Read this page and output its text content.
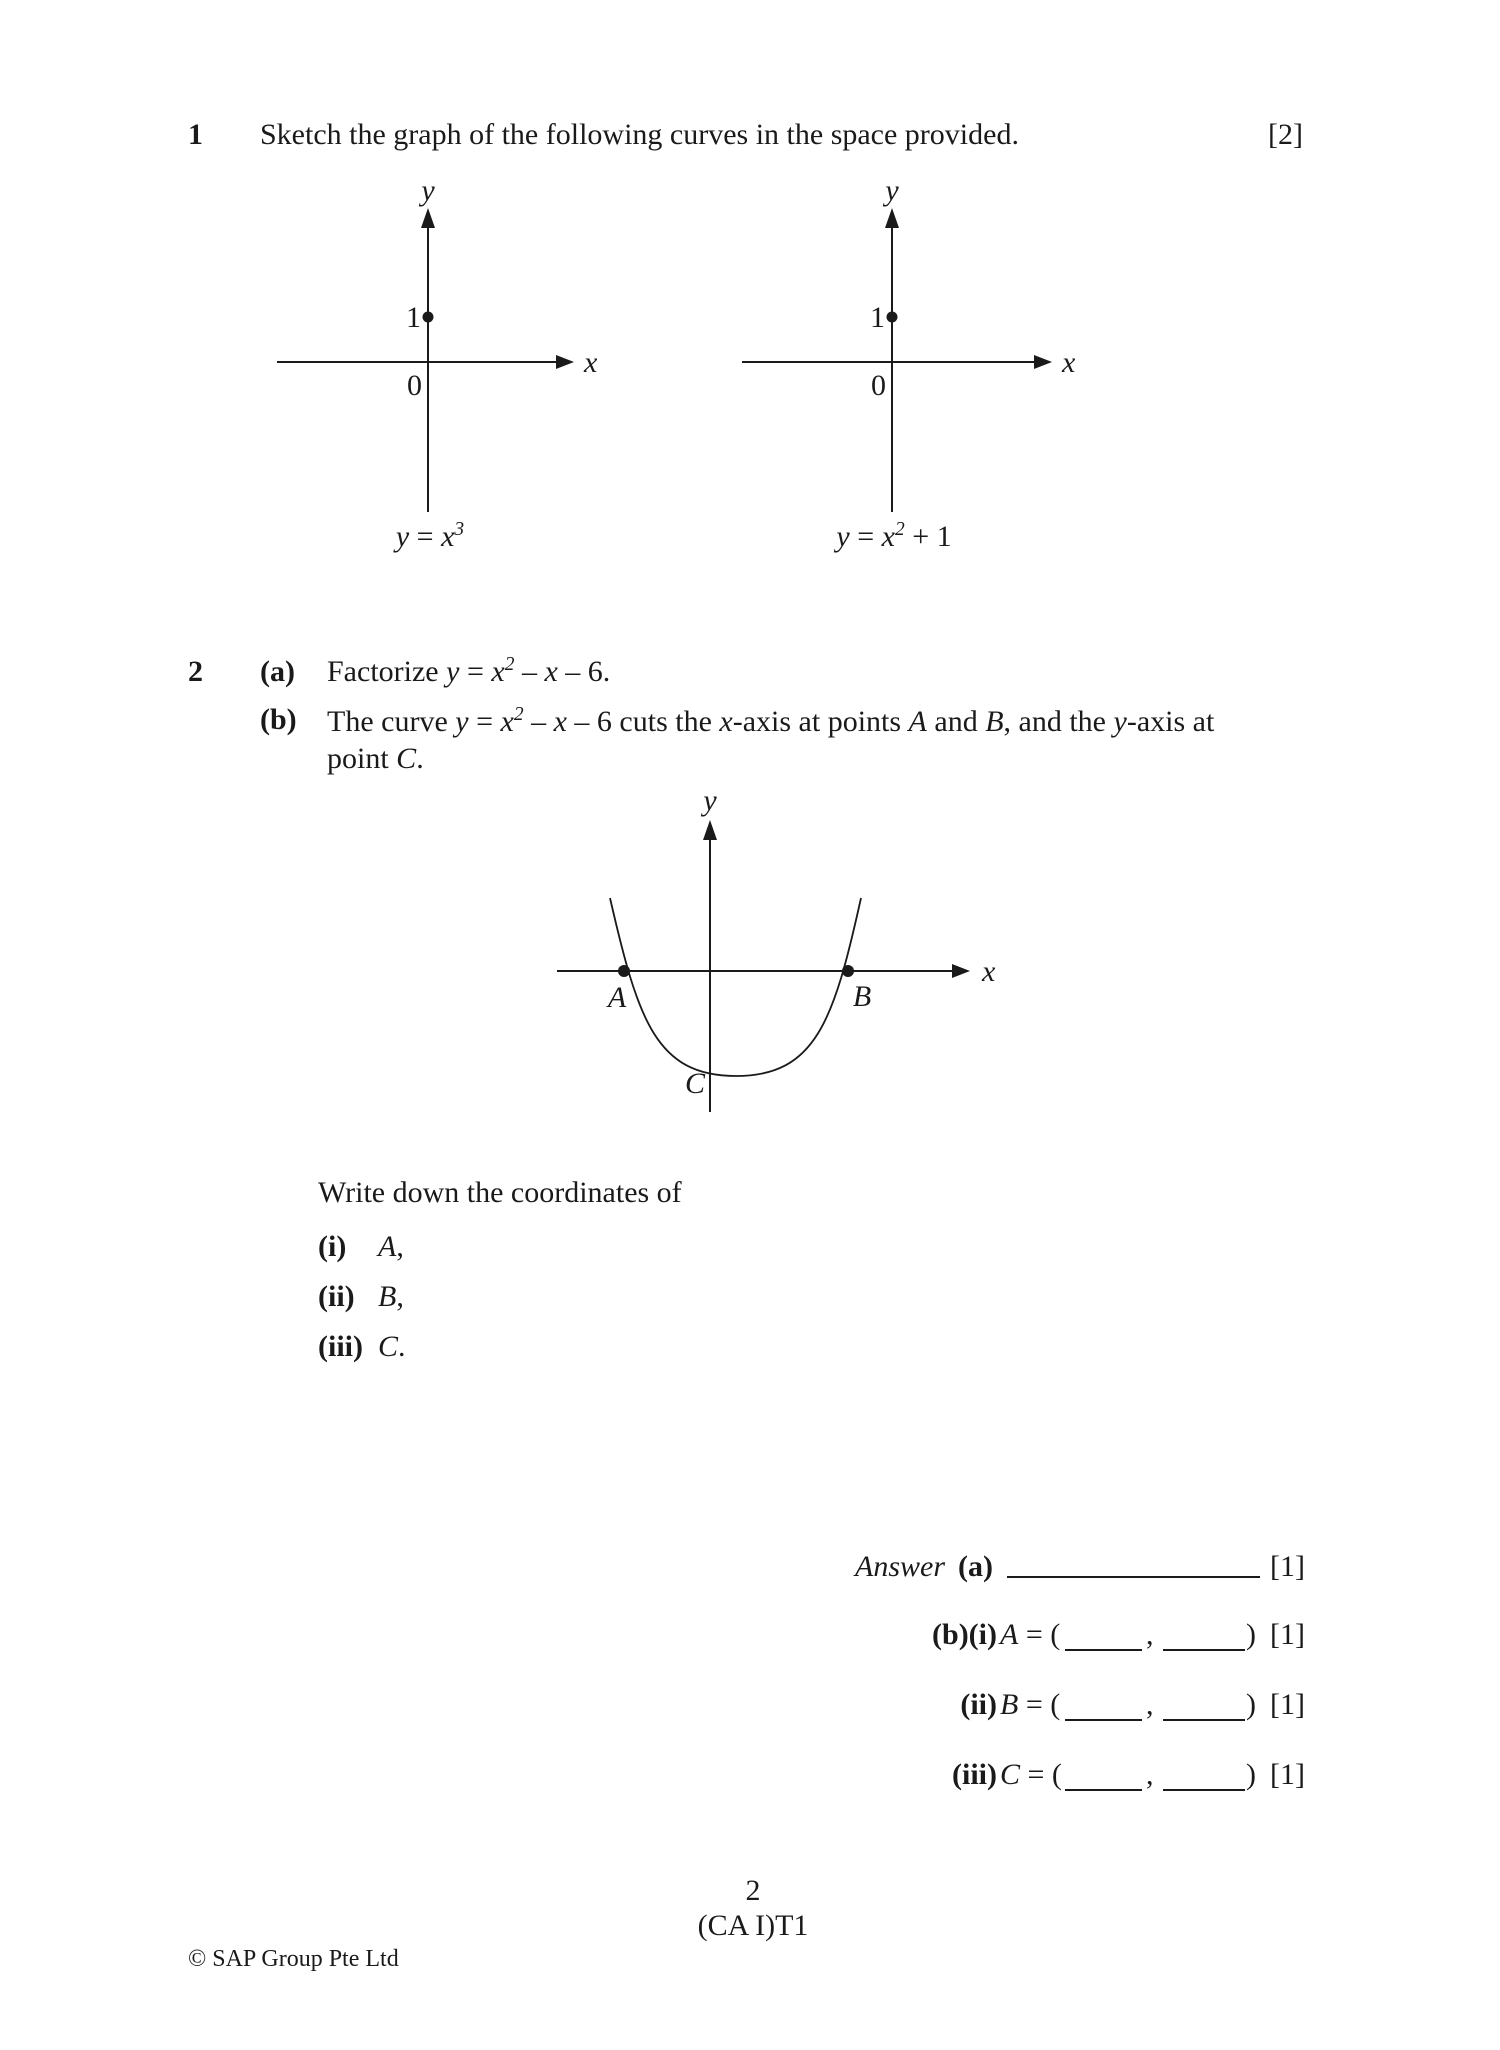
1 Sketch the graph of the following curves in the space provided.	[2]
y
x
1
0
$y = x^3$
y
x
1
0
$y = x^2 + 1$
2 (a) Factorize $y = x^2 - x - 6$.
(b) The curve $y = x^2 - x - 6$ cuts the x-axis at points A and B, and the y-axis at
point C.
y
x
A	B
C
Write down the coordinates of
(i) A,
(ii) B,
(iii) C.
Answer (a)	[1]
(b)(i) A = (	,	) [1]
(ii) B = (	,	) [1]
(iii) C = (	,	) [1]
2
(CA I)T1
© SAP Group Pte Ltd
